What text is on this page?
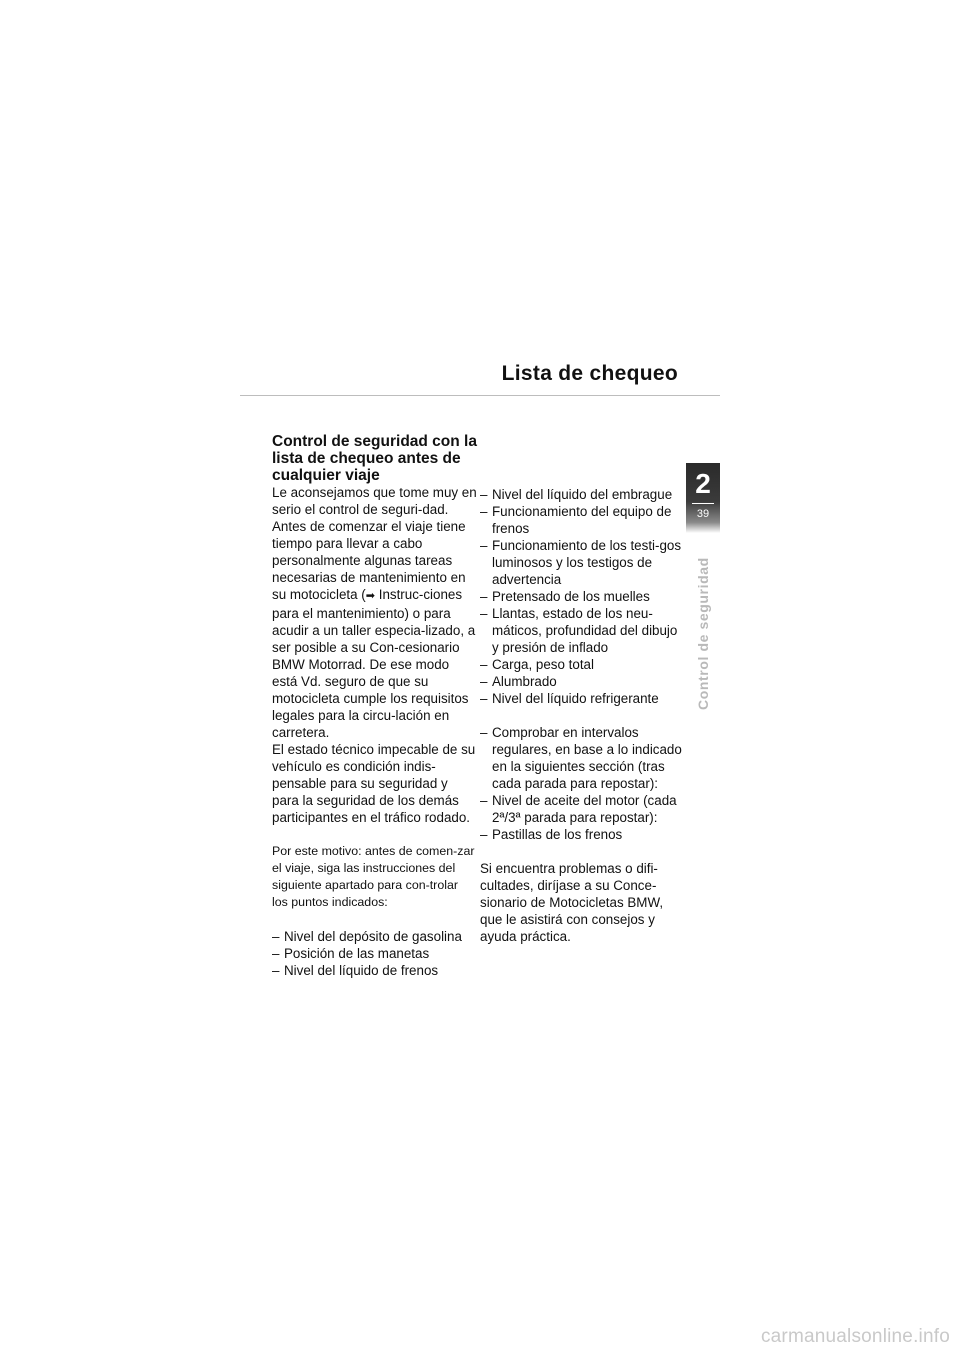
Lista de chequeo
Control de seguridad con la lista de chequeo antes de cualquier viaje

Le aconsejamos que tome muy en serio el control de seguri-dad. Antes de comenzar el viaje tiene tiempo para llevar a cabo personalmente algunas tareas necesarias de mantenimiento en su motocicleta (➡ Instruc-ciones para el mantenimiento) o para acudir a un taller especia-lizado, a ser posible a su Con-cesionario BMW Motorrad. De ese modo está Vd. seguro de que su motocicleta cumple los requisitos legales para la circu-lación en carretera.

El estado técnico impecable de su vehículo es condición indis-pensable para su seguridad y para la seguridad de los demás participantes en el tráfico rodado.

Por este motivo: antes de comen-zar el viaje, siga las instrucciones del siguiente apartado para con-trolar los puntos indicados:

– Nivel del depósito de gasolina

– Posición de las manetas

– Nivel del líquido de frenos

– Nivel del líquido del embrague

– Funcionamiento del equipo de frenos

– Funcionamiento de los testi-gos luminosos y los testigos de advertencia

– Pretensado de los muelles

– Llantas, estado de los neu-máticos, profundidad del dibujo y presión de inflado

– Carga, peso total

– Alumbrado

– Nivel del líquido refrigerante

– Comprobar en intervalos regulares, en base a lo indicado en la siguientes sección (tras cada parada para repostar):

– Nivel de aceite del motor (cada 2ª/3ª parada para repostar):

– Pastillas de los frenos

Si encuentra problemas o difi-cultades, diríjase a su Conce-sionario de Motocicletas BMW, que le asistirá con consejos y ayuda práctica.

2
39
Control de seguridad
carmanualsonline.info
